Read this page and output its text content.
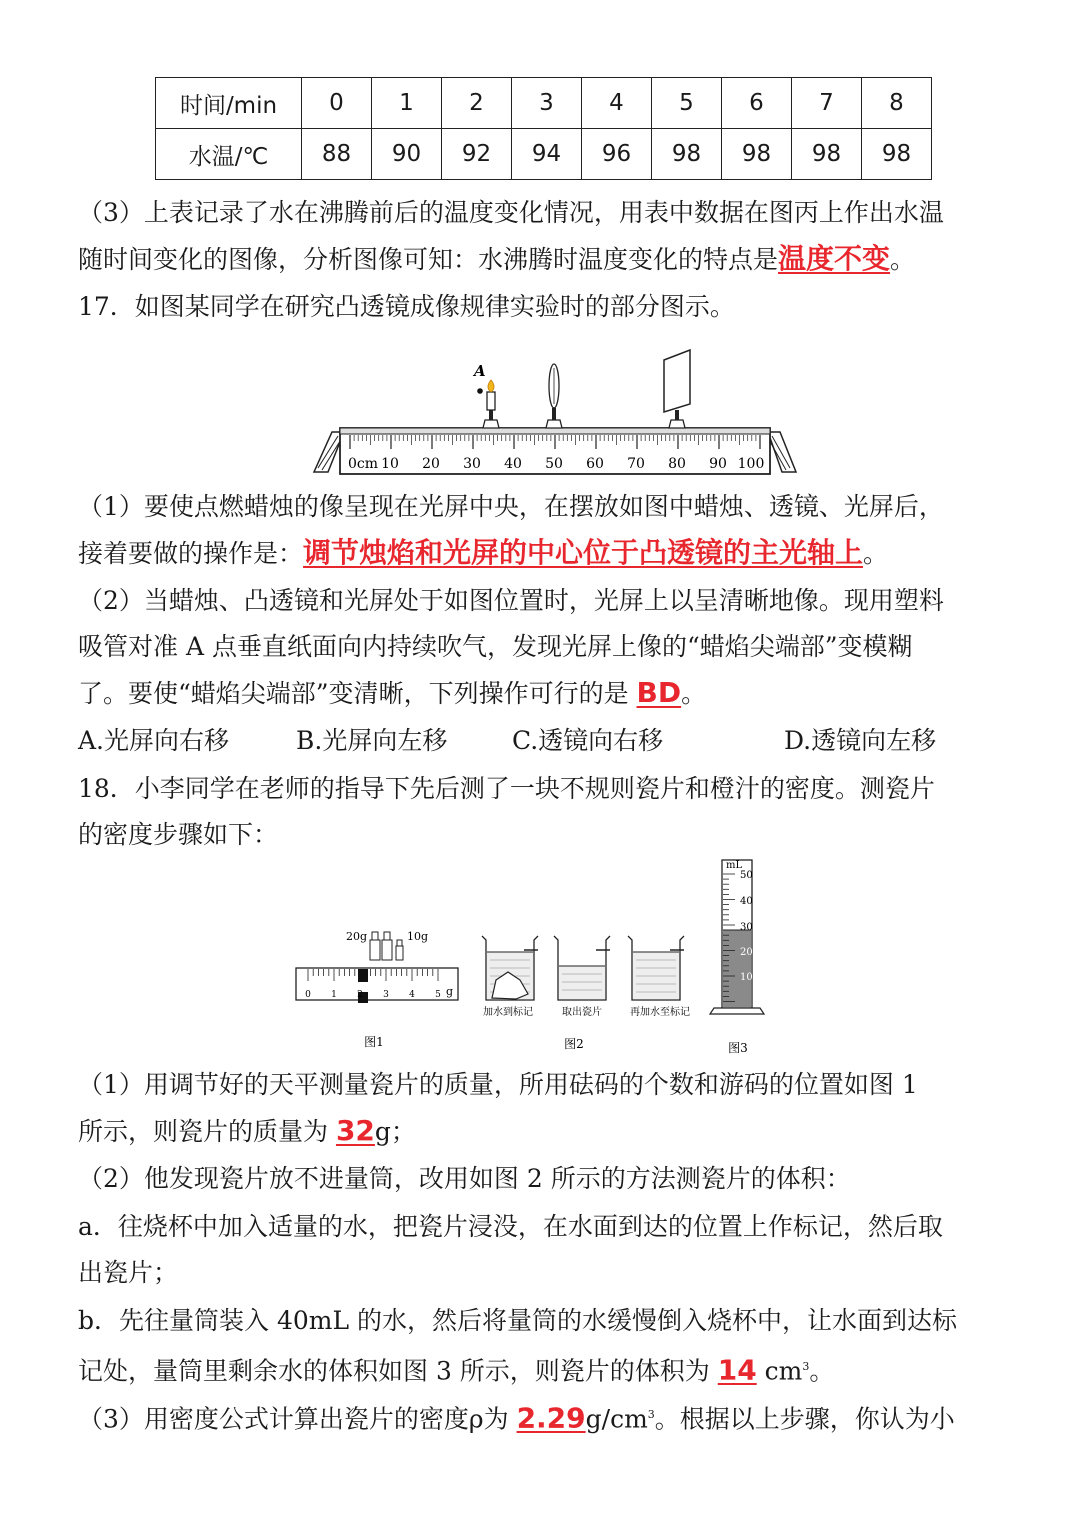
时间/min	0	1	2	3	4	5	6	7	8
水温/℃	88	90	92	94	96	98	98	98	98
（3）上表记录了水在沸腾前后的温度变化情况，用表中数据在图丙上作出水温
随时间变化的图像，分析图像可知：水沸腾时温度变化的特点是温度不变。
17．如图某同学在研究凸透镜成像规律实验时的部分图示。
0cm 10 20 30 40 50 60 70 80 90 100
A
（1）要使点燃蜡烛的像呈现在光屏中央，在摆放如图中蜡烛、透镜、光屏后，
接着要做的操作是：调节烛焰和光屏的中心位于凸透镜的主光轴上。
（2）当蜡烛、凸透镜和光屏处于如图位置时，光屏上以呈清晰地像。现用塑料
吸管对准 A 点垂直纸面向内持续吹气，发现光屏上像的“蜡焰尖端部”变模糊
了。要使“蜡焰尖端部”变清晰，下列操作可行的是 BD。
A.光屏向右移	B.光屏向左移	C.透镜向右移	D.透镜向左移
18．小李同学在老师的指导下先后测了一块不规则瓷片和橙汁的密度。测瓷片
的密度步骤如下：
20g	10g
0 1 2 3 4 5 g
图1
加水到标记	取出瓷片	再加水至标记
图2
mL
50
40
30
20
10
图3
（1）用调节好的天平测量瓷片的质量，所用砝码的个数和游码的位置如图 1
所示，则瓷片的质量为 32g；
（2）他发现瓷片放不进量筒，改用如图 2 所示的方法测瓷片的体积：
a．往烧杯中加入适量的水，把瓷片浸没，在水面到达的位置上作标记，然后取
出瓷片；
b．先往量筒装入 40mL 的水，然后将量筒的水缓慢倒入烧杯中，让水面到达标
记处，量筒里剩余水的体积如图 3 所示，则瓷片的体积为 14 $cm^3$。
（3）用密度公式计算出瓷片的密度ρ为 $2.29g/cm^3$。根据以上步骤，你认为小
